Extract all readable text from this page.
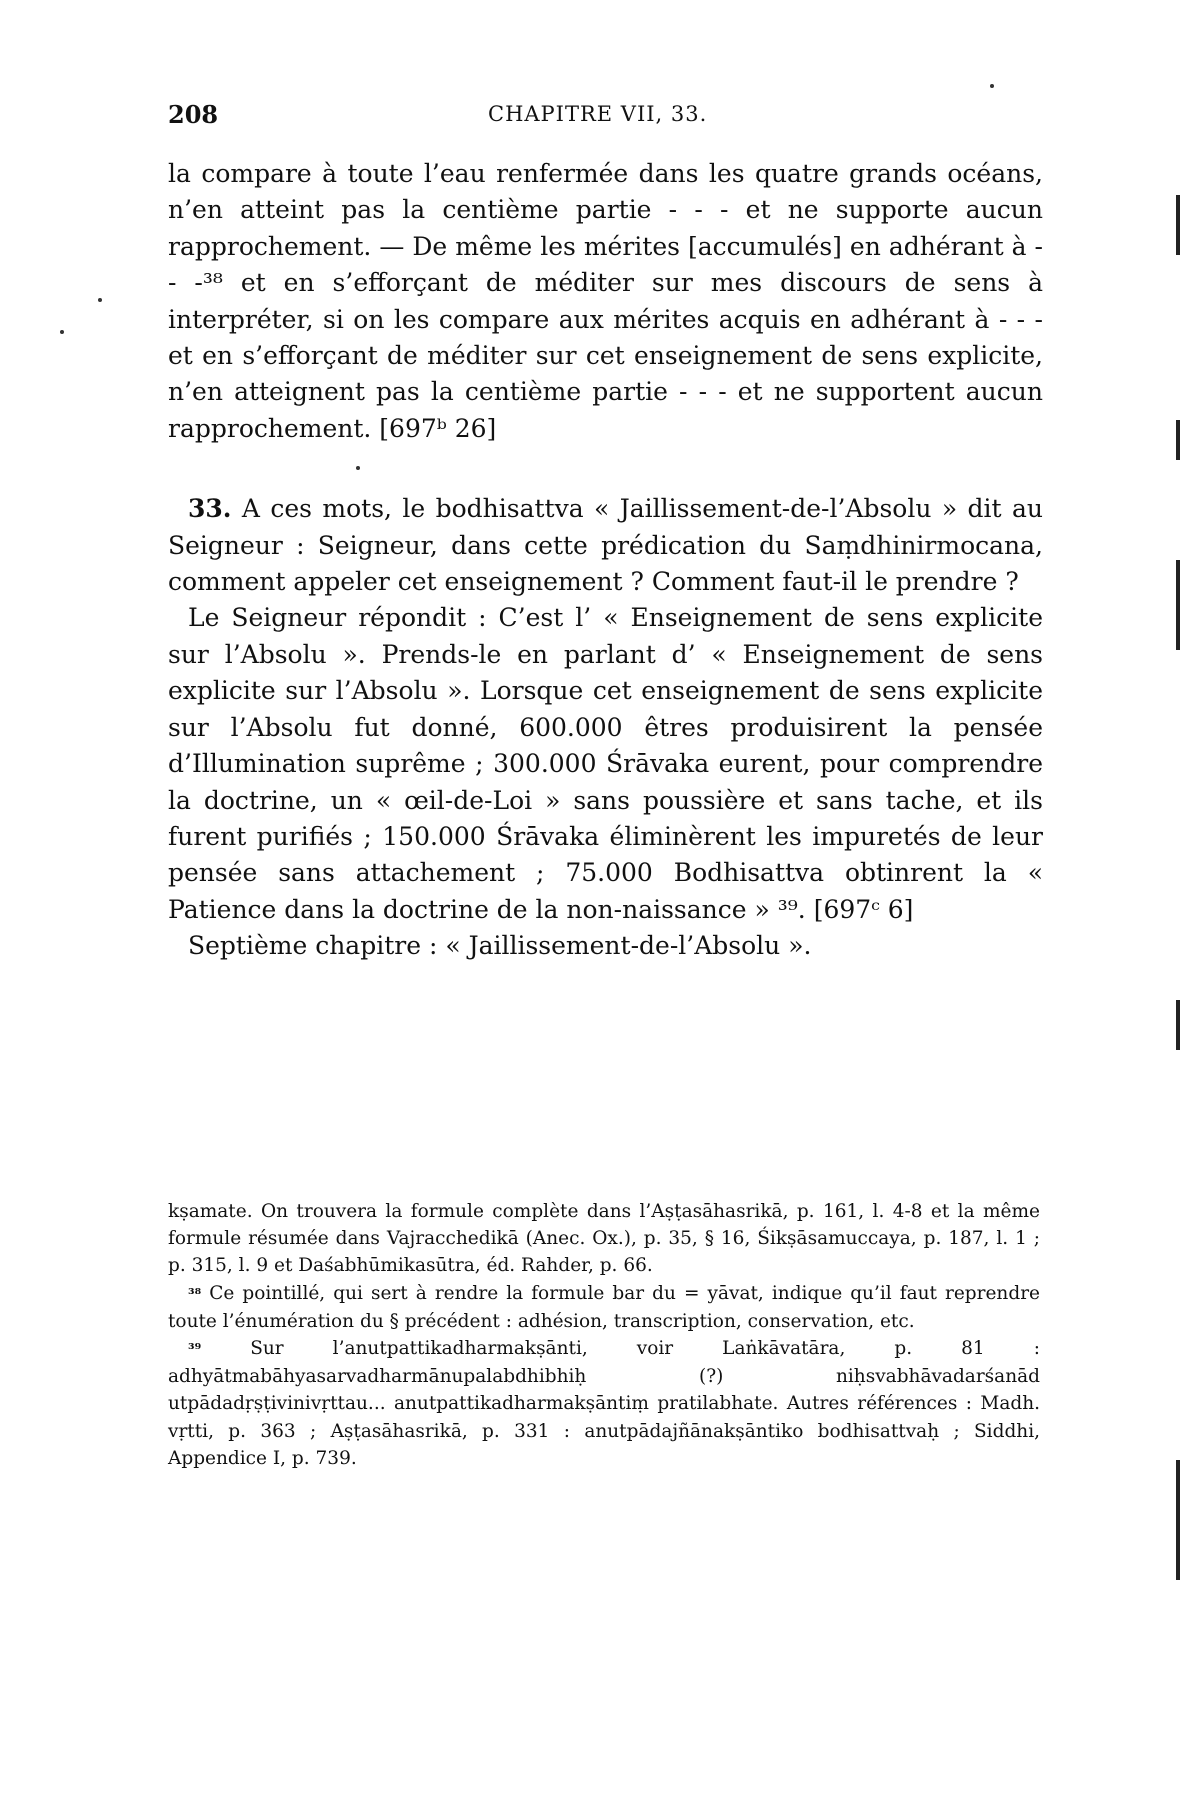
208	CHAPITRE VII, 33.

la compare à toute l’eau renfermée dans les quatre grands océans, n’en atteint pas la centième partie - - - et ne supporte aucun rapprochement. — De même les mérites [accumulés] en adhérant à - - -³⁸ et en s’efforçant de méditer sur mes discours de sens à interpréter, si on les compare aux mérites acquis en adhérant à - - - et en s’efforçant de méditer sur cet enseignement de sens explicite, n’en atteignent pas la centième partie - - - et ne supportent aucun rapprochement. [697ᵇ 26]

33. A ces mots, le bodhisattva « Jaillissement-de-l’Absolu » dit au Seigneur : Seigneur, dans cette prédication du Saṃdhinirmocana, comment appeler cet enseignement ? Comment faut-il le prendre ?

Le Seigneur répondit : C’est l’ « Enseignement de sens explicite sur l’Absolu ». Prends-le en parlant d’ « Enseignement de sens explicite sur l’Absolu ». Lorsque cet enseignement de sens explicite sur l’Absolu fut donné, 600.000 êtres produisirent la pensée d’Illumination suprême ; 300.000 Śrāvaka eurent, pour comprendre la doctrine, un « œil-de-Loi » sans poussière et sans tache, et ils furent purifiés ; 150.000 Śrāvaka éliminèrent les impuretés de leur pensée sans attachement ; 75.000 Bodhisattva obtinrent la « Patience dans la doctrine de la non-naissance » ³⁹. [697ᶜ 6]

Septième chapitre : « Jaillissement-de-l’Absolu ».

kṣamate. On trouvera la formule complète dans l’Aṣṭasāhasrikā, p. 161, l. 4-8 et la même formule résumée dans Vajracchedikā (Anec. Ox.), p. 35, § 16, Śikṣāsamuccaya, p. 187, l. 1 ; p. 315, l. 9 et Daśabhūmikasūtra, éd. Rahder, p. 66.

³⁸ Ce pointillé, qui sert à rendre la formule bar du = yāvat, indique qu’il faut reprendre toute l’énumération du § précédent : adhésion, transcription, conservation, etc.

³⁹	Sur l’anutpattikadharmakṣānti, voir Laṅkāvatāra, p. 81 : adhyātmabāhyasarvadharmānupalabdhibhiḥ (?) niḥsvabhāvadarśanād utpādadṛṣṭivinivṛttau... anutpattikadharmakṣāntiṃ pratilabhate. Autres références : Madh. vṛtti, p. 363 ; Aṣṭasāhasrikā, p. 331 : anutpādajñānakṣāntiko bodhisattvaḥ ; Siddhi, Appendice I, p. 739.
